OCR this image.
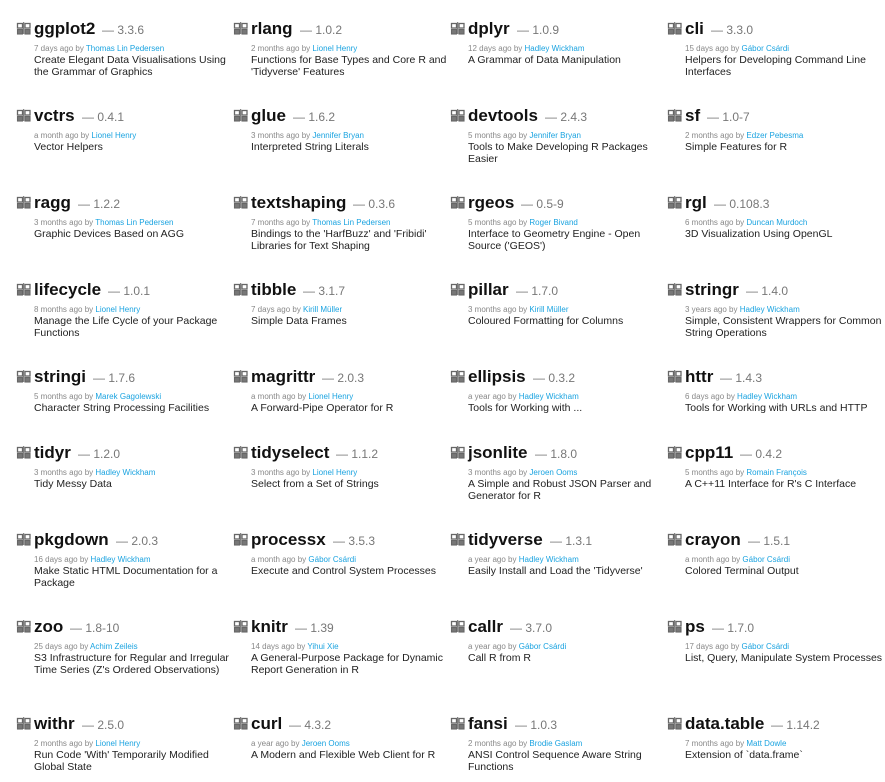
ggplot2 — 3.3.6
7 days ago by Thomas Lin Pedersen
Create Elegant Data Visualisations Using the Grammar of Graphics
rlang — 1.0.2
2 months ago by Lionel Henry
Functions for Base Types and Core R and 'Tidyverse' Features
dplyr — 1.0.9
12 days ago by Hadley Wickham
A Grammar of Data Manipulation
cli — 3.3.0
15 days ago by Gábor Csárdi
Helpers for Developing Command Line Interfaces
vctrs — 0.4.1
a month ago by Lionel Henry
Vector Helpers
glue — 1.6.2
3 months ago by Jennifer Bryan
Interpreted String Literals
devtools — 2.4.3
5 months ago by Jennifer Bryan
Tools to Make Developing R Packages Easier
sf — 1.0-7
2 months ago by Edzer Pebesma
Simple Features for R
ragg — 1.2.2
3 months ago by Thomas Lin Pedersen
Graphic Devices Based on AGG
textshaping — 0.3.6
7 months ago by Thomas Lin Pedersen
Bindings to the 'HarfBuzz' and 'Fribidi' Libraries for Text Shaping
rgeos — 0.5-9
5 months ago by Roger Bivand
Interface to Geometry Engine - Open Source ('GEOS')
rgl — 0.108.3
6 months ago by Duncan Murdoch
3D Visualization Using OpenGL
lifecycle — 1.0.1
8 months ago by Lionel Henry
Manage the Life Cycle of your Package Functions
tibble — 3.1.7
7 days ago by Kirill Müller
Simple Data Frames
pillar — 1.7.0
3 months ago by Kirill Müller
Coloured Formatting for Columns
stringr — 1.4.0
3 years ago by Hadley Wickham
Simple, Consistent Wrappers for Common String Operations
stringi — 1.7.6
5 months ago by Marek Gagolewski
Character String Processing Facilities
magrittr — 2.0.3
a month ago by Lionel Henry
A Forward-Pipe Operator for R
ellipsis — 0.3.2
a year ago by Hadley Wickham
Tools for Working with ...
httr — 1.4.3
6 days ago by Hadley Wickham
Tools for Working with URLs and HTTP
tidyr — 1.2.0
3 months ago by Hadley Wickham
Tidy Messy Data
tidyselect — 1.1.2
3 months ago by Lionel Henry
Select from a Set of Strings
jsonlite — 1.8.0
3 months ago by Jeroen Ooms
A Simple and Robust JSON Parser and Generator for R
cpp11 — 0.4.2
5 months ago by Romain François
A C++11 Interface for R's C Interface
pkgdown — 2.0.3
16 days ago by Hadley Wickham
Make Static HTML Documentation for a Package
processx — 3.5.3
a month ago by Gábor Csárdi
Execute and Control System Processes
tidyverse — 1.3.1
a year ago by Hadley Wickham
Easily Install and Load the 'Tidyverse'
crayon — 1.5.1
a month ago by Gábor Csárdi
Colored Terminal Output
zoo — 1.8-10
25 days ago by Achim Zeileis
S3 Infrastructure for Regular and Irregular Time Series (Z's Ordered Observations)
knitr — 1.39
14 days ago by Yihui Xie
A General-Purpose Package for Dynamic Report Generation in R
callr — 3.7.0
a year ago by Gábor Csárdi
Call R from R
ps — 1.7.0
17 days ago by Gábor Csárdi
List, Query, Manipulate System Processes
withr — 2.5.0
2 months ago by Lionel Henry
Run Code 'With' Temporarily Modified Global State
curl — 4.3.2
a year ago by Jeroen Ooms
A Modern and Flexible Web Client for R
fansi — 1.0.3
2 months ago by Brodie Gaslam
ANSI Control Sequence Aware String Functions
data.table — 1.14.2
7 months ago by Matt Dowle
Extension of `data.frame`
